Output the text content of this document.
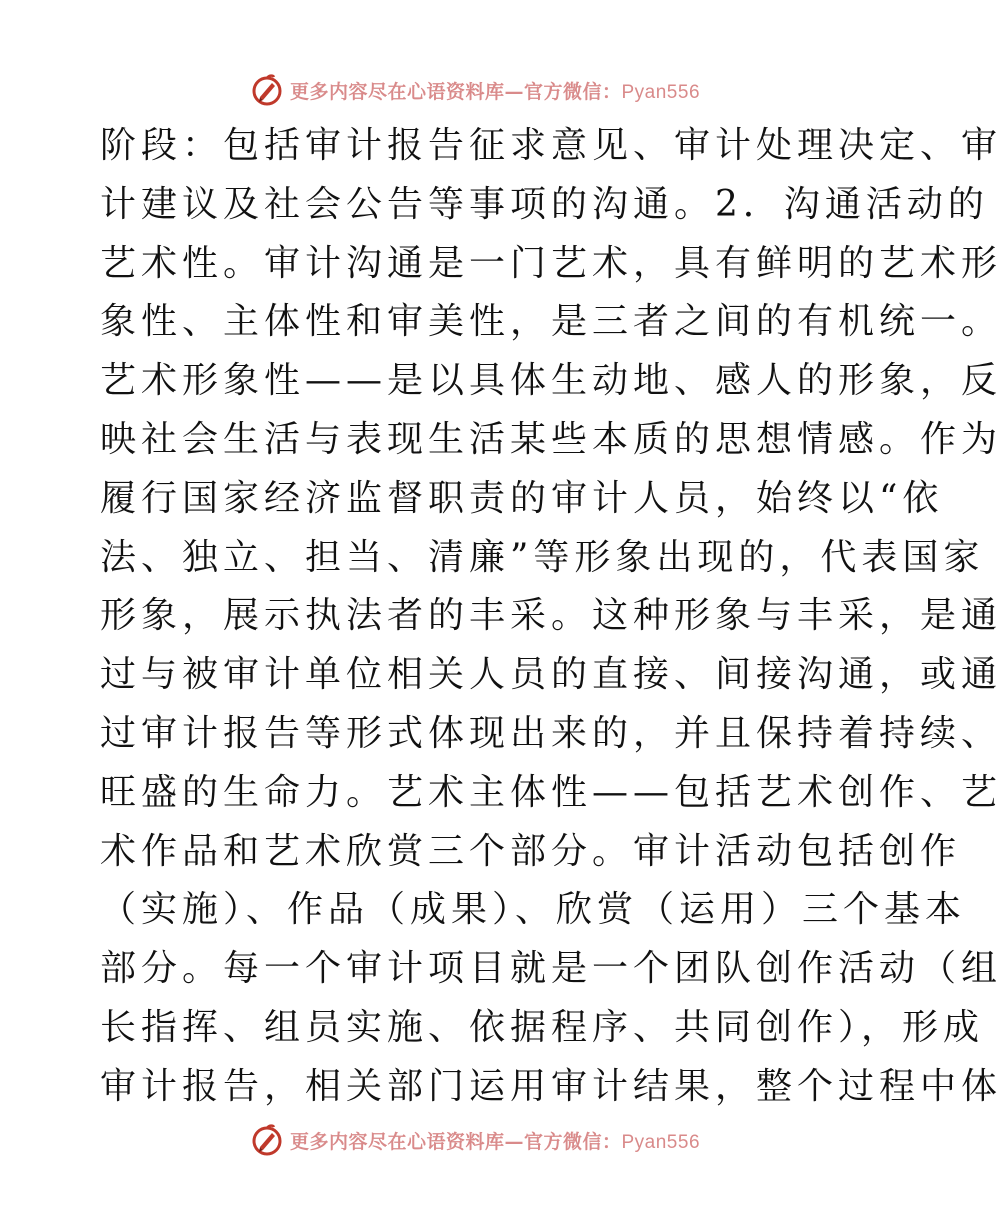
更多内容尽在心语资料库—官方微信：Pyan556
阶段：包括审计报告征求意见、审计处理决定、审
计建议及社会公告等事项的沟通。2．沟通活动的
艺术性。审计沟通是一门艺术，具有鲜明的艺术形
象性、主体性和审美性，是三者之间的有机统一。
艺术形象性——是以具体生动地、感人的形象，反
映社会生活与表现生活某些本质的思想情感。作为
履行国家经济监督职责的审计人员，始终以“依
法、独立、担当、清廉”等形象出现的，代表国家
形象，展示执法者的丰采。这种形象与丰采，是通
过与被审计单位相关人员的直接、间接沟通，或通
过审计报告等形式体现出来的，并且保持着持续、
旺盛的生命力。艺术主体性——包括艺术创作、艺
术作品和艺术欣赏三个部分。审计活动包括创作
（实施）、作品（成果）、欣赏（运用）三个基本
部分。每一个审计项目就是一个团队创作活动（组
长指挥、组员实施、依据程序、共同创作），形成
审计报告，相关部门运用审计结果，整个过程中体
更多内容尽在心语资料库—官方微信：Pyan556
